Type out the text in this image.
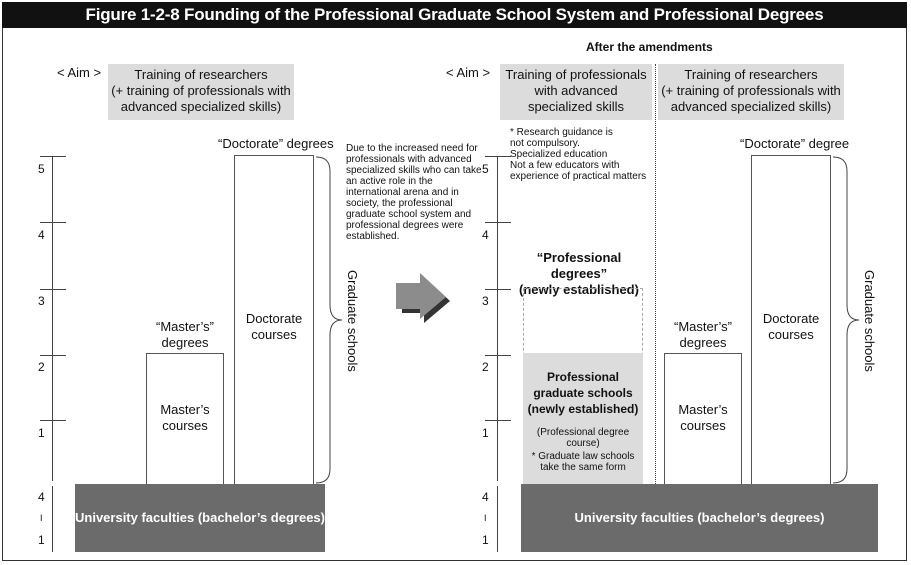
Figure 1-2-8 Founding of the Professional Graduate School System and Professional Degrees
< Aim >	Training of researchers
(+ training of professionals with
advanced specialized skills)
5
4
3
2
1
4
I
1
“Doctorate” degrees
Doctorate
courses
“Master’s”
degrees
Master’s
courses
Graduate schools
University faculties (bachelor’s degrees)
Due to the increased need for professionals with advanced specialized skills who can take an active role in the international arena and in society, the professional graduate school system and professional degrees were established.
After the amendments
< Aim >	Training of professionals
with advanced
specialized skills
Training of researchers
(+ training of professionals with
advanced specialized skills)
5
4
3
2
1
4
I
1
* Research guidance is
not compulsory.
Specialized education
Not a few educators with
experience of practical matters
“Professional degrees”
(newly established)
Professional
graduate schools
(newly established)
(Professional degree
course)
* Graduate law schools
take the same form
“Master’s”
degrees
Master’s
courses
“Doctorate” degree
Doctorate
courses	Graduate schools
University faculties (bachelor’s degrees)
